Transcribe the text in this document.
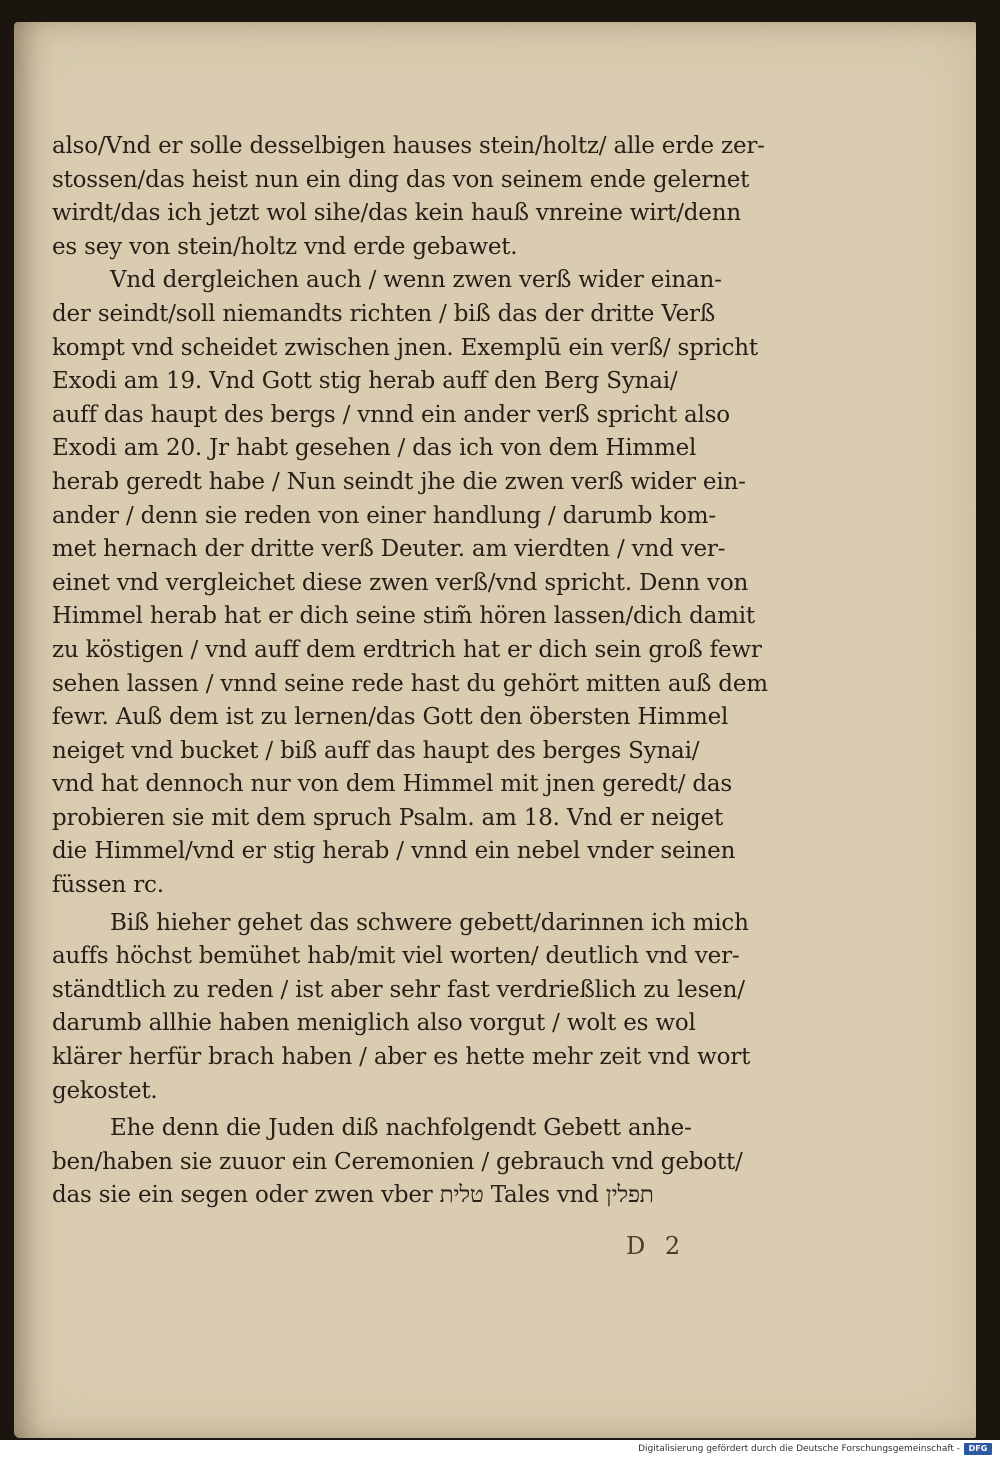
also/Vnd er solle desselbigen hauses stein/holtz/ alle erde zer-
stossen/das heist nun ein ding das von seinem ende gelernet
wirdt/das ich jetzt wol sihe/das kein hauß vnreine wirt/denn
es sey von stein/holtz vnd erde gebawet.
Vnd dergleichen auch / wenn zwen verß wider einan-
der seindt/soll niemandts richten / biß das der dritte Verß
kompt vnd scheidet zwischen jnen. Exemplū ein verß/ spricht
Exodi am 19. Vnd Gott stig herab auff den Berg Synai/
auff das haupt des bergs / vnnd ein ander verß spricht also
Exodi am 20. Jr habt gesehen / das ich von dem Himmel
herab geredt habe / Nun seindt jhe die zwen verß wider ein-
ander / denn sie reden von einer handlung / darumb kom-
met hernach der dritte verß Deuter. am vierdten / vnd ver-
einet vnd vergleichet diese zwen verß/vnd spricht. Denn von
Himmel herab hat er dich seine stim̃ hören lassen/dich damit
zu köstigen / vnd auff dem erdtrich hat er dich sein groß fewr
sehen lassen / vnnd seine rede hast du gehört mitten auß dem
fewr. Auß dem ist zu lernen/das Gott den öbersten Himmel
neiget vnd bucket / biß auff das haupt des berges Synai/
vnd hat dennoch nur von dem Himmel mit jnen geredt/ das
probieren sie mit dem spruch Psalm. am 18. Vnd er neiget
die Himmel/vnd er stig herab / vnnd ein nebel vnder seinen
füssen rc.
Biß hieher gehet das schwere gebett/darinnen ich mich
auffs höchst bemühet hab/mit viel worten/ deutlich vnd ver-
ständtlich zu reden / ist aber sehr fast verdrießlich zu lesen/
darumb allhie haben meniglich also vorgut / wolt es wol
klärer herfür brach haben / aber es hette mehr zeit vnd wort
gekostet.
Ehe denn die Juden diß nachfolgendt Gebett anhe-
ben/haben sie zuuor ein Ceremonien / gebrauch vnd gebott/
das sie ein segen oder zwen vber טלית Tales vnd תפלין
D 2
Digitalisierung gefördert durch die Deutsche Forschungsgemeinschaft -	DFG
